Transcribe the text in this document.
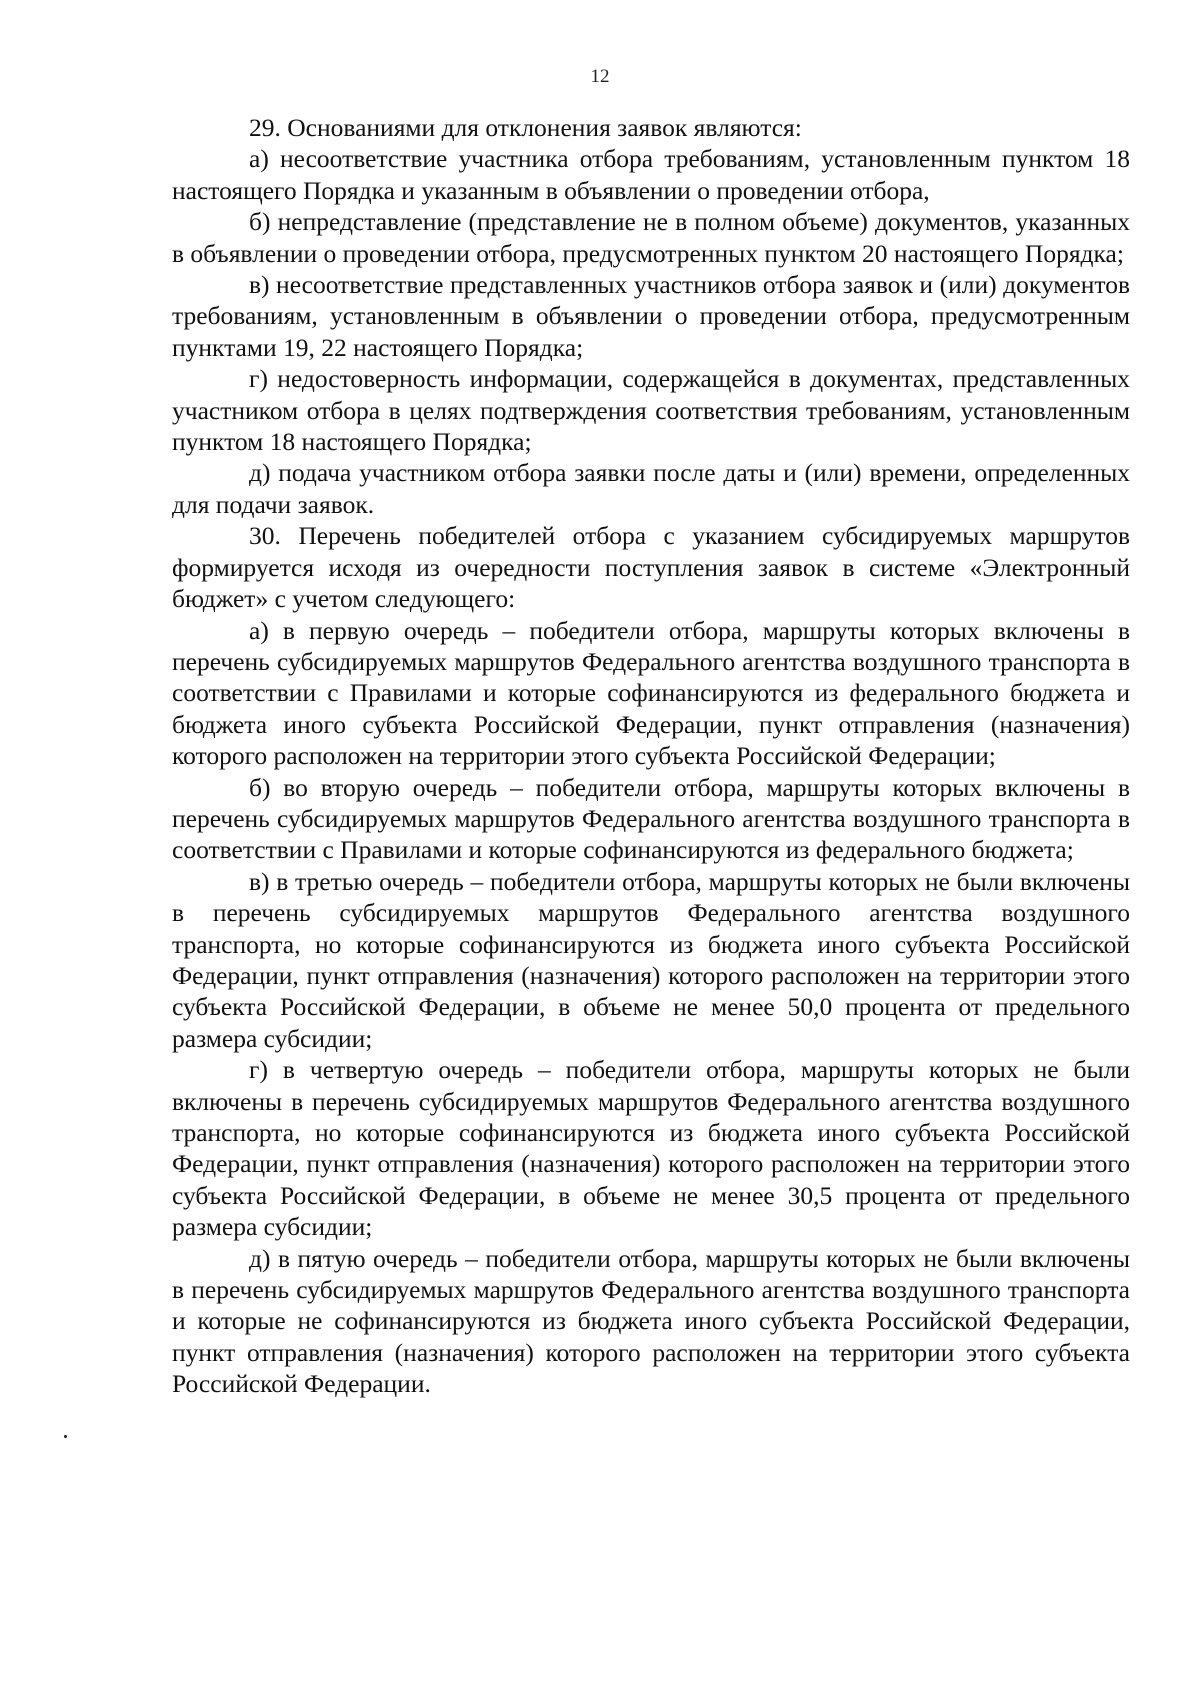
12

29. Основаниями для отклонения заявок являются:

а) несоответствие участника отбора требованиям, установленным пунктом 18 настоящего Порядка и указанным в объявлении о проведении отбора,

б) непредставление (представление не в полном объеме) документов, указанных в объявлении о проведении отбора, предусмотренных пунктом 20 настоящего Порядка;

в) несоответствие представленных участников отбора заявок и (или) документов требованиям, установленным в объявлении о проведении отбора, предусмотренным пунктами 19, 22 настоящего Порядка;

г) недостоверность информации, содержащейся в документах, представленных участником отбора в целях подтверждения соответствия требованиям, установленным пунктом 18 настоящего Порядка;

д) подача участником отбора заявки после даты и (или) времени, определенных для подачи заявок.

30. Перечень победителей отбора с указанием субсидируемых маршрутов формируется исходя из очередности поступления заявок в системе «Электронный бюджет» с учетом следующего:

а) в первую очередь – победители отбора, маршруты которых включены в перечень субсидируемых маршрутов Федерального агентства воздушного транспорта в соответствии с Правилами и которые софинансируются из федерального бюджета и бюджета иного субъекта Российской Федерации, пункт отправления (назначения) которого расположен на территории этого субъекта Российской Федерации;

б) во вторую очередь – победители отбора, маршруты которых включены в перечень субсидируемых маршрутов Федерального агентства воздушного транспорта в соответствии с Правилами и которые софинансируются из федерального бюджета;

в) в третью очередь – победители отбора, маршруты которых не были включены в перечень субсидируемых маршрутов Федерального агентства воздушного транспорта, но которые софинансируются из бюджета иного субъекта Российской Федерации, пункт отправления (назначения) которого расположен на территории этого субъекта Российской Федерации, в объеме не менее 50,0 процента от предельного размера субсидии;

г) в четвертую очередь – победители отбора, маршруты которых не были включены в перечень субсидируемых маршрутов Федерального агентства воздушного транспорта, но которые софинансируются из бюджета иного субъекта Российской Федерации, пункт отправления (назначения) которого расположен на территории этого субъекта Российской Федерации, в объеме не менее 30,5 процента от предельного размера субсидии;

д) в пятую очередь – победители отбора, маршруты которых не были включены в перечень субсидируемых маршрутов Федерального агентства воздушного транспорта и которые не софинансируются из бюджета иного субъекта Российской Федерации, пункт отправления (назначения) которого расположен на территории этого субъекта Российской Федерации.
